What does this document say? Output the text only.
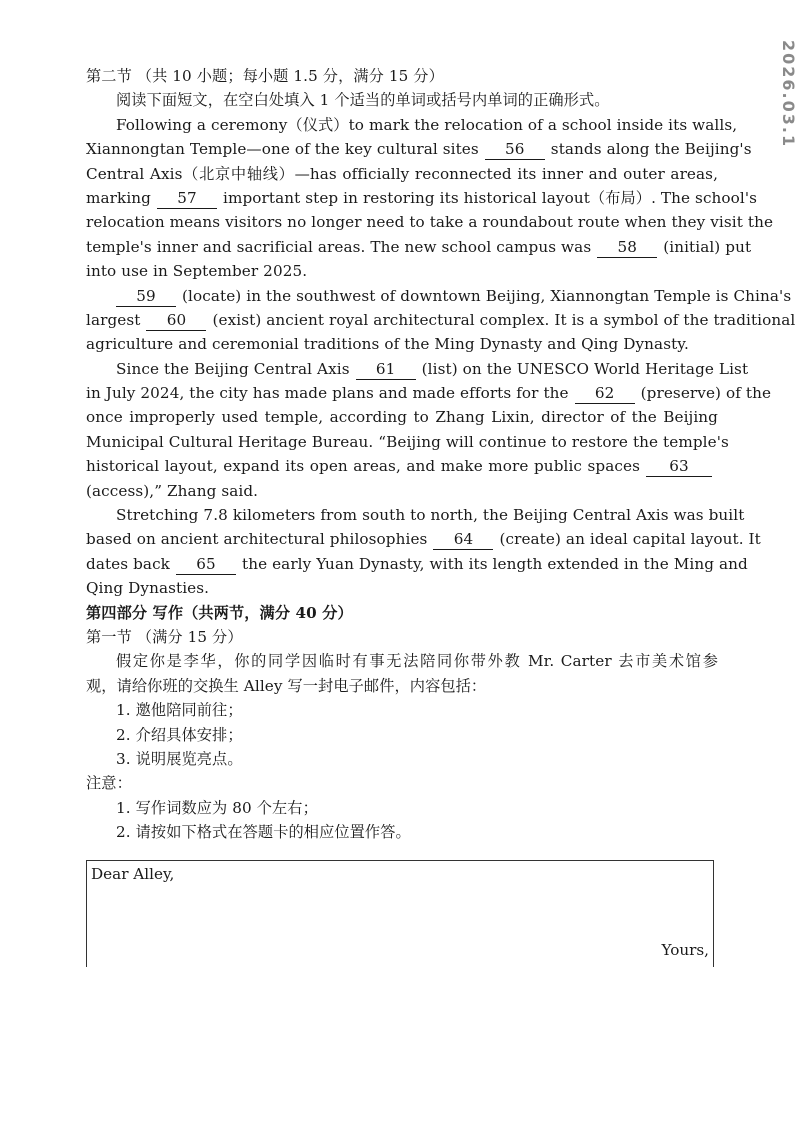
2026.03.1
第二节 （共 10 小题；每小题 1.5 分，满分 15 分）
阅读下面短文，在空白处填入 1 个适当的单词或括号内单词的正确形式。
Following a ceremony（仪式）to mark the relocation of a school inside its walls,
Xiannongtan Temple—one of the key cultural sites 56 stands along the Beijing's
Central Axis（北京中轴线）—has officially reconnected its inner and outer areas,
marking 57 important step in restoring its historical layout（布局）. The school's
relocation means visitors no longer need to take a roundabout route when they visit the
temple's inner and sacrificial areas. The new school campus was 58 (initial) put
into use in September 2025.
59 (locate) in the southwest of downtown Beijing, Xiannongtan Temple is China's
largest 60 (exist) ancient royal architectural complex. It is a symbol of the traditional
agriculture and ceremonial traditions of the Ming Dynasty and Qing Dynasty.
Since the Beijing Central Axis 61 (list) on the UNESCO World Heritage List
in July 2024, the city has made plans and made efforts for the 62 (preserve) of the
once improperly used temple, according to Zhang Lixin, director of the Beijing
Municipal Cultural Heritage Bureau. “Beijing will continue to restore the temple's
historical layout, expand its open areas, and make more public spaces 63
(access),” Zhang said.
Stretching 7.8 kilometers from south to north, the Beijing Central Axis was built
based on ancient architectural philosophies 64 (create) an ideal capital layout. It
dates back 65 the early Yuan Dynasty, with its length extended in the Ming and
Qing Dynasties.
第四部分 写作（共两节，满分 40 分）
第一节 （满分 15 分）
假定你是李华，你的同学因临时有事无法陪同你带外教 Mr. Carter 去市美术馆参
观，请给你班的交换生 Alley 写一封电子邮件，内容包括：
1. 邀他陪同前往；
2. 介绍具体安排；
3. 说明展览亮点。
注意：
1. 写作词数应为 80 个左右；
2. 请按如下格式在答题卡的相应位置作答。
Dear Alley,
Yours,
